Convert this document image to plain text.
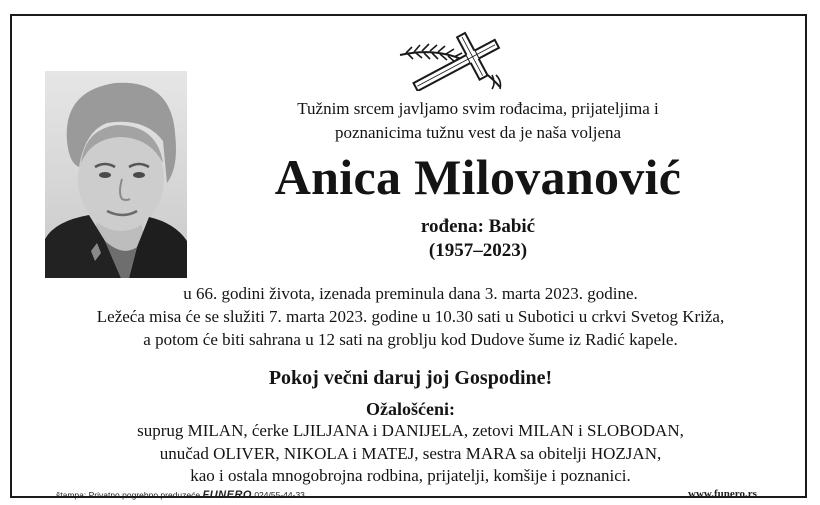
Tužnim srcem javljamo svim rođacima, prijateljima i
poznanicima tužnu vest da je naša voljena
Anica Milovanović
rođena: Babić
(1957–2023)
u 66. godini života, izenada preminula dana 3. marta 2023. godine.
Ležeća misa će se služiti 7. marta 2023. godine u 10.30 sati u Subotici u crkvi Svetog Križa,
a potom će biti sahrana u 12 sati na groblju kod Dudove šume iz Radić kapele.
Pokoj večni daruj joj Gospodine!
Ožalošćeni:
suprug MILAN, ćerke LJILJANA i DANIJELA, zetovi MILAN i SLOBODAN,
unučad OLIVER, NIKOLA i MATEJ, sestra MARA sa obitelji HOZJAN,
kao i ostala mnogobrojna rodbina, prijatelji, komšije i poznanici.
štampa: Privatno pogrebno preduzeće FUNERO 024/55-44-33	www.funero.rs
